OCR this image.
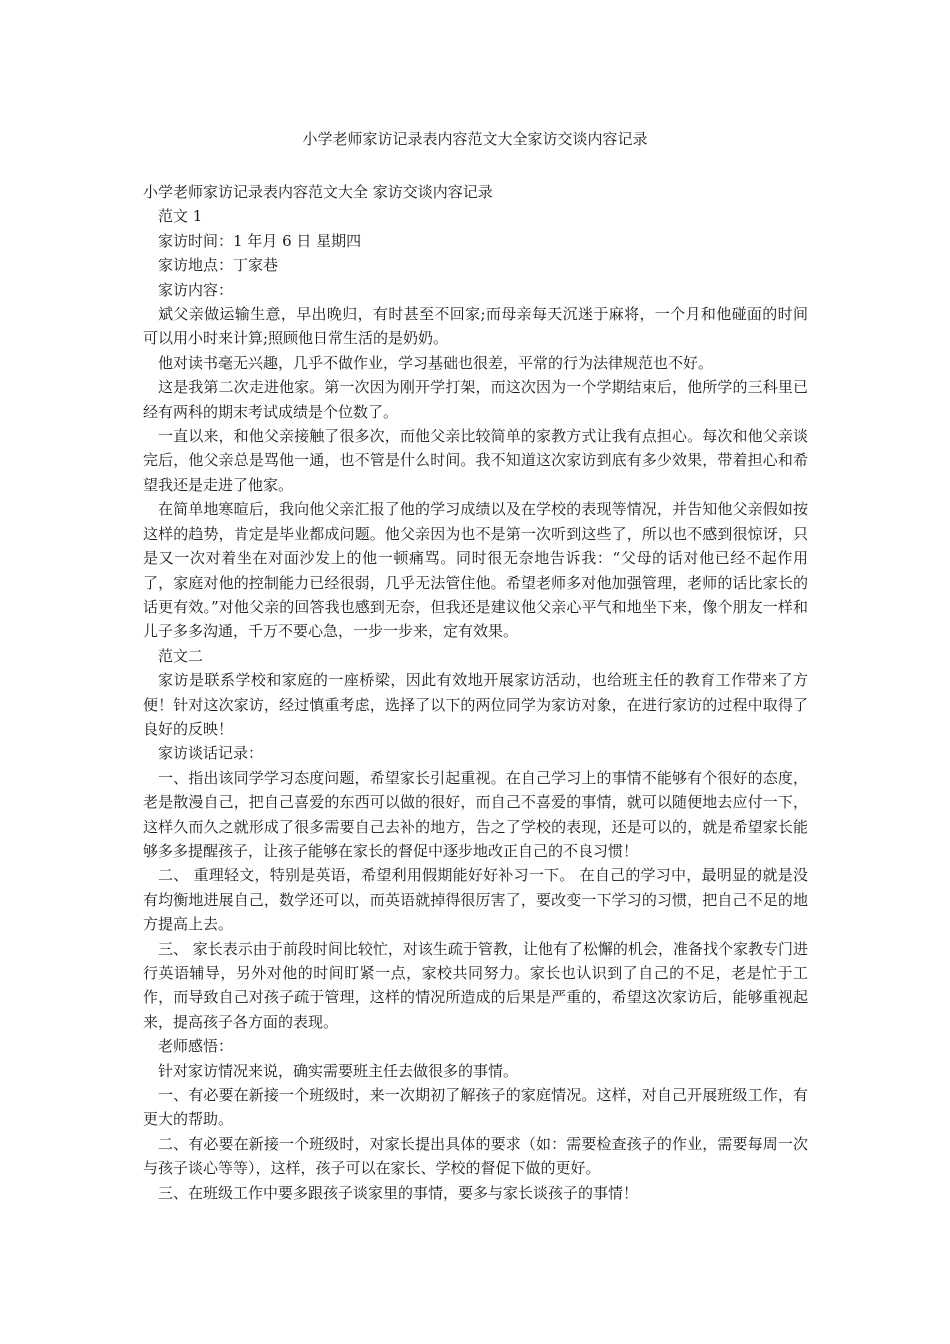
小学老师家访记录表内容范文大全家访交谈内容记录

小学老师家访记录表内容范文大全 家访交谈内容记录

范文 1

家访时间：1 年月 6 日 星期四

家访地点：丁家巷

家访内容：

斌父亲做运输生意，早出晚归，有时甚至不回家;而母亲每天沉迷于麻将，一个月和他碰面的时间可以用小时来计算;照顾他日常生活的是奶奶。

他对读书毫无兴趣，几乎不做作业，学习基础也很差，平常的行为法律规范也不好。

这是我第二次走进他家。第一次因为刚开学打架，而这次因为一个学期结束后，他所学的三科里已经有两科的期末考试成绩是个位数了。

一直以来，和他父亲接触了很多次，而他父亲比较简单的家教方式让我有点担心。每次和他父亲谈完后，他父亲总是骂他一通，也不管是什么时间。我不知道这次家访到底有多少效果，带着担心和希望我还是走进了他家。

在简单地寒暄后，我向他父亲汇报了他的学习成绩以及在学校的表现等情况，并告知他父亲假如按这样的趋势，肯定是毕业都成问题。他父亲因为也不是第一次听到这些了，所以也不感到很惊讶，只是又一次对着坐在对面沙发上的他一顿痛骂。同时很无奈地告诉我：“父母的话对他已经不起作用了，家庭对他的控制能力已经很弱，几乎无法管住他。希望老师多对他加强管理，老师的话比家长的话更有效。”对他父亲的回答我也感到无奈，但我还是建议他父亲心平气和地坐下来，像个朋友一样和儿子多多沟通，千万不要心急，一步一步来，定有效果。

范文二

家访是联系学校和家庭的一座桥梁，因此有效地开展家访活动，也给班主任的教育工作带来了方便！针对这次家访，经过慎重考虑，选择了以下的两位同学为家访对象，在进行家访的过程中取得了良好的反映！

家访谈话记录：

一、指出该同学学习态度问题，希望家长引起重视。在自己学习上的事情不能够有个很好的态度，老是散漫自己，把自己喜爱的东西可以做的很好，而自己不喜爱的事情，就可以随便地去应付一下，这样久而久之就形成了很多需要自己去补的地方，告之了学校的表现，还是可以的，就是希望家长能够多多提醒孩子，让孩子能够在家长的督促中逐步地改正自己的不良习惯！

二、 重理轻文，特别是英语，希望利用假期能好好补习一下。 在自己的学习中，最明显的就是没有均衡地进展自己，数学还可以，而英语就掉得很厉害了，要改变一下学习的习惯，把自己不足的地方提高上去。

三、 家长表示由于前段时间比较忙，对该生疏于管教，让他有了松懈的机会，准备找个家教专门进行英语辅导，另外对他的时间盯紧一点，家校共同努力。家长也认识到了自己的不足，老是忙于工作，而导致自己对孩子疏于管理，这样的情况所造成的后果是严重的，希望这次家访后，能够重视起来，提高孩子各方面的表现。

老师感悟：

针对家访情况来说，确实需要班主任去做很多的事情。

一、有必要在新接一个班级时，来一次期初了解孩子的家庭情况。这样，对自己开展班级工作，有更大的帮助。

二、有必要在新接一个班级时，对家长提出具体的要求（如：需要检查孩子的作业，需要每周一次与孩子谈心等等），这样，孩子可以在家长、学校的督促下做的更好。

三、在班级工作中要多跟孩子谈家里的事情，要多与家长谈孩子的事情！
